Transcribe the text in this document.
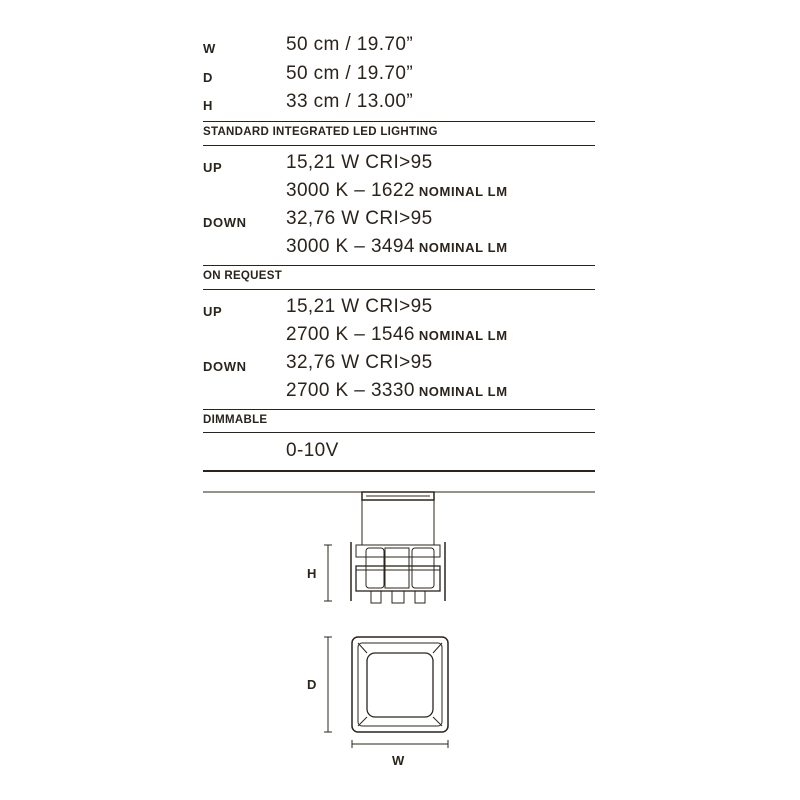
W	50 cm / 19.70”
D	50 cm / 19.70”
H	33 cm / 13.00”
STANDARD INTEGRATED LED LIGHTING
UP	15,21 W CRI>95
3000 K – 1622 NOMINAL LM
DOWN 32,76 W CRI>95
3000 K – 3494 NOMINAL LM
ON REQUEST
UP	15,21 W CRI>95
2700 K – 1546 NOMINAL LM
DOWN 32,76 W CRI>95
2700 K – 3330 NOMINAL LM
DIMMABLE
0-10V
H
D
W
